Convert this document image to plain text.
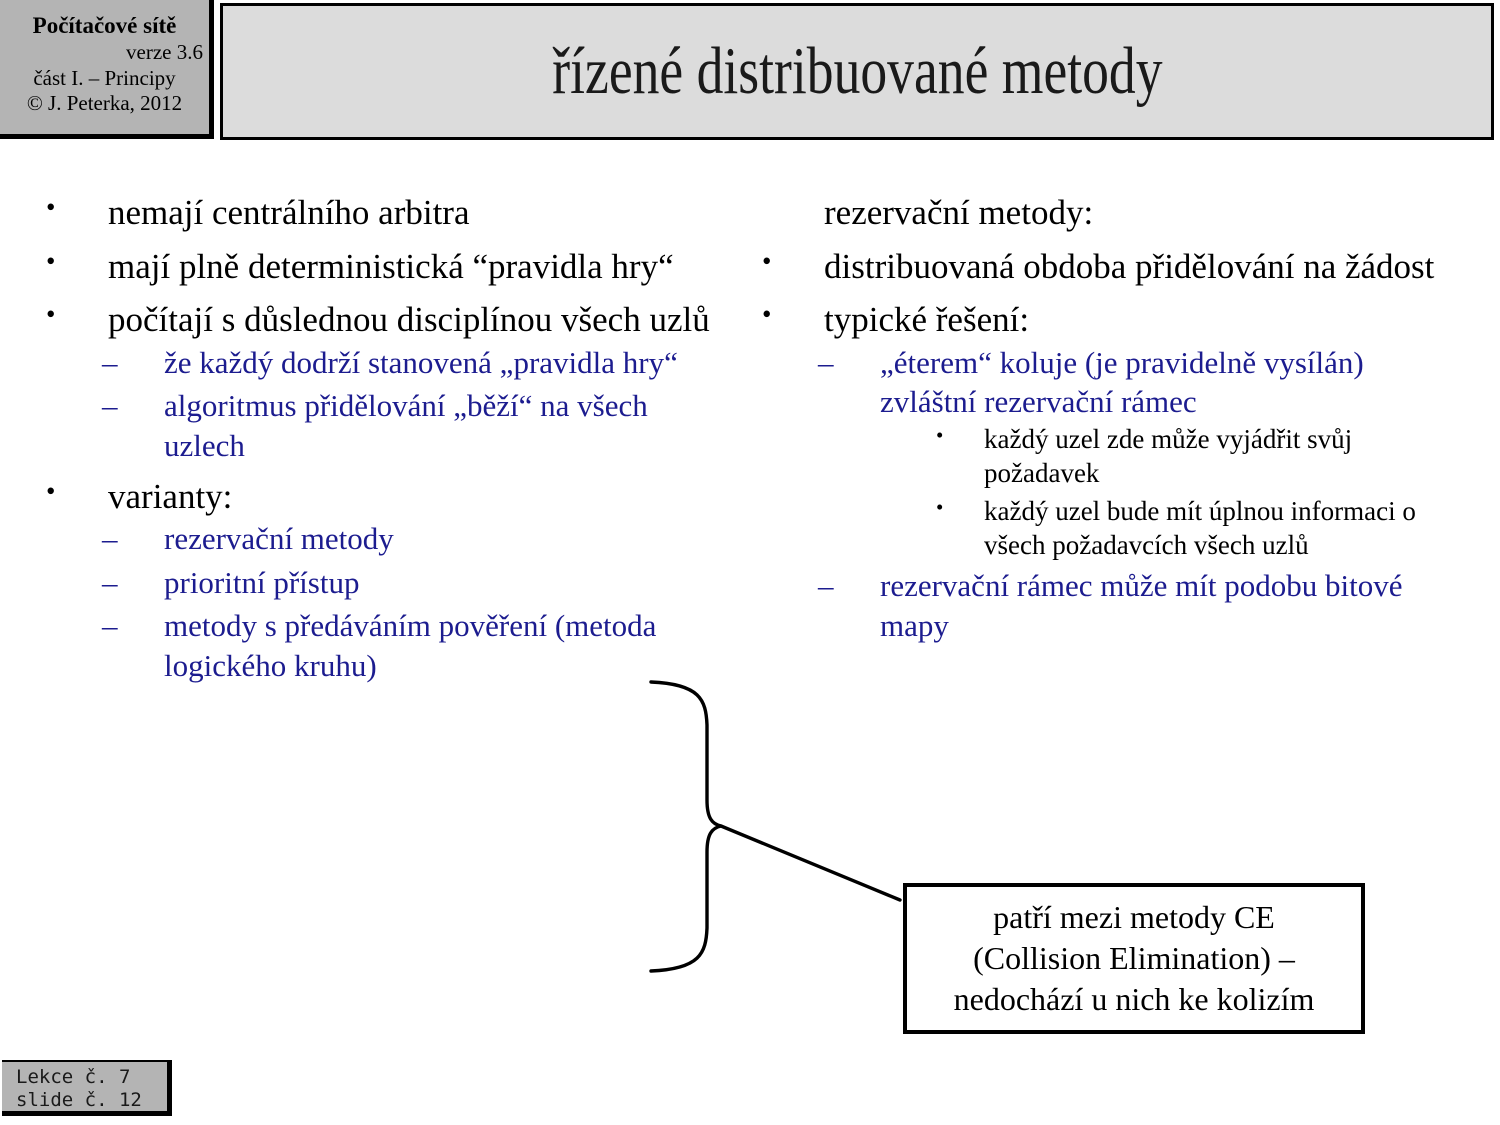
Počítačové sítě
verze 3.6
část I. – Principy
© J. Peterka, 2012	řízené distribuované metody
•	nemají centrálního arbitra
•	mají plně deterministická “pravidla hry“
•	počítají s důslednou disciplínou všech uzlů
–	že každý dodrží stanovená „pravidla hry“
–	algoritmus přidělování „běží“ na všech uzlech
•	varianty:
–	rezervační metody
–	prioritní přístup
–	metody s předáváním pověření (metoda logického kruhu)
rezervační metody:
•	distribuovaná obdoba přidělování na žádost
•	typické řešení:
–	„éterem“ koluje (je pravidelně vysílán) zvláštní rezervační rámec
•	každý uzel zde může vyjádřit svůj požadavek
•	každý uzel bude mít úplnou informaci o všech požadavcích všech uzlů
–	rezervační rámec může mít podobu bitové mapy
patří mezi metody CE
(Collision Elimination) –
nedochází u nich ke kolizím
Lekce č. 7
slide č. 12
